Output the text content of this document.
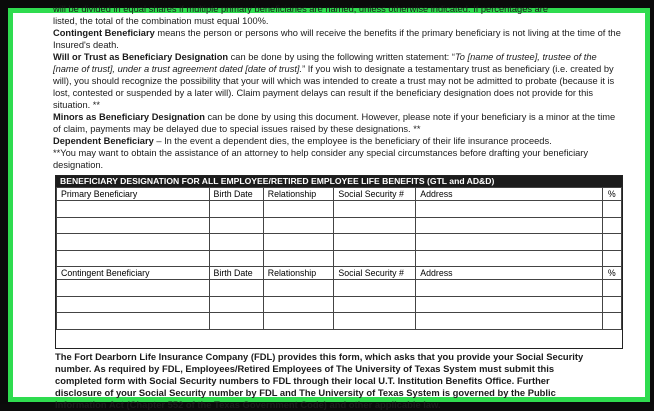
will be divided in equal shares if multiple primary beneficiaries are named, unless otherwise indicated. If percentages are
listed, the total of the combination must equal 100%.

Contingent Beneficiary means the person or persons who will receive the benefits if the primary beneficiary is not living at the time of the Insured's death.

Will or Trust as Beneficiary Designation can be done by using the following written statement: “To [name of trustee], trustee of the [name of trust], under a trust agreement dated [date of trust].” If you wish to designate a testamentary trust as beneficiary (i.e. created by will), you should recognize the possibility that your will which was intended to create a trust may not be admitted to probate (because it is lost, contested or suspended by a later will). Claim payment delays can result if the beneficiary designation does not provide for this situation. **

Minors as Beneficiary Designation can be done by using this document. However, please note if your beneficiary is a minor at the time of claim, payments may be delayed due to special issues raised by these designations. **

Dependent Beneficiary – In the event a dependent dies, the employee is the beneficiary of their life insurance proceeds.
**You may want to obtain the assistance of an attorney to help consider any special circumstances before drafting your beneficiary designation.

BENEFICIARY DESIGNATION FOR ALL EMPLOYEE/RETIRED EMPLOYEE LIFE BENEFITS (GTL and AD&D)
Primary Beneficiary	Birth Date	Relationship	Social Security #	Address	%

Contingent Beneficiary	Birth Date	Relationship	Social Security #	Address	%

The Fort Dearborn Life Insurance Company (FDL) provides this form, which asks that you provide your Social Security

number. As required by FDL, Employees/Retired Employees of The University of Texas System must submit this

completed form with Social Security numbers to FDL through their local U.T. Institution Benefits Office. Further

disclosure of your Social Security number by FDL and The University of Texas System is governed by the Public

Information Act (Chapter 552 of the Texas Government Code) and other applicable law.
